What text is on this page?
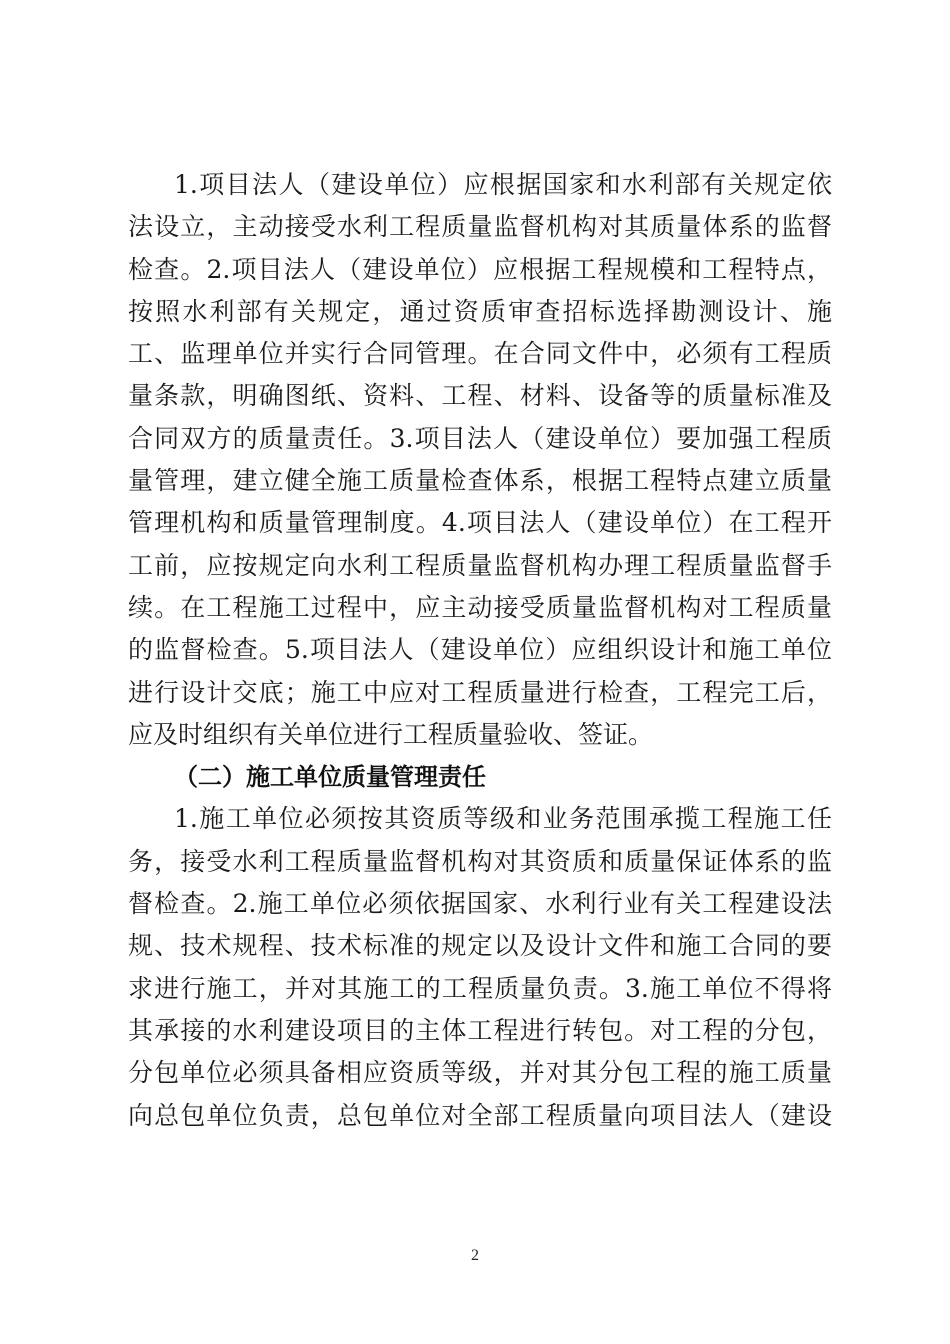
1.项目法人（建设单位）应根据国家和水利部有关规定依
法设立，主动接受水利工程质量监督机构对其质量体系的监督
检查。2.项目法人（建设单位）应根据工程规模和工程特点，
按照水利部有关规定，通过资质审查招标选择勘测设计、施
工、监理单位并实行合同管理。在合同文件中，必须有工程质
量条款，明确图纸、资料、工程、材料、设备等的质量标准及
合同双方的质量责任。3.项目法人（建设单位）要加强工程质
量管理，建立健全施工质量检查体系，根据工程特点建立质量
管理机构和质量管理制度。4.项目法人（建设单位）在工程开
工前，应按规定向水利工程质量监督机构办理工程质量监督手
续。在工程施工过程中，应主动接受质量监督机构对工程质量
的监督检查。5.项目法人（建设单位）应组织设计和施工单位
进行设计交底；施工中应对工程质量进行检查，工程完工后，
应及时组织有关单位进行工程质量验收、签证。
（二）施工单位质量管理责任
1.施工单位必须按其资质等级和业务范围承揽工程施工任
务，接受水利工程质量监督机构对其资质和质量保证体系的监
督检查。2.施工单位必须依据国家、水利行业有关工程建设法
规、技术规程、技术标准的规定以及设计文件和施工合同的要
求进行施工，并对其施工的工程质量负责。3.施工单位不得将
其承接的水利建设项目的主体工程进行转包。对工程的分包，
分包单位必须具备相应资质等级，并对其分包工程的施工质量
向总包单位负责，总包单位对全部工程质量向项目法人（建设
2
